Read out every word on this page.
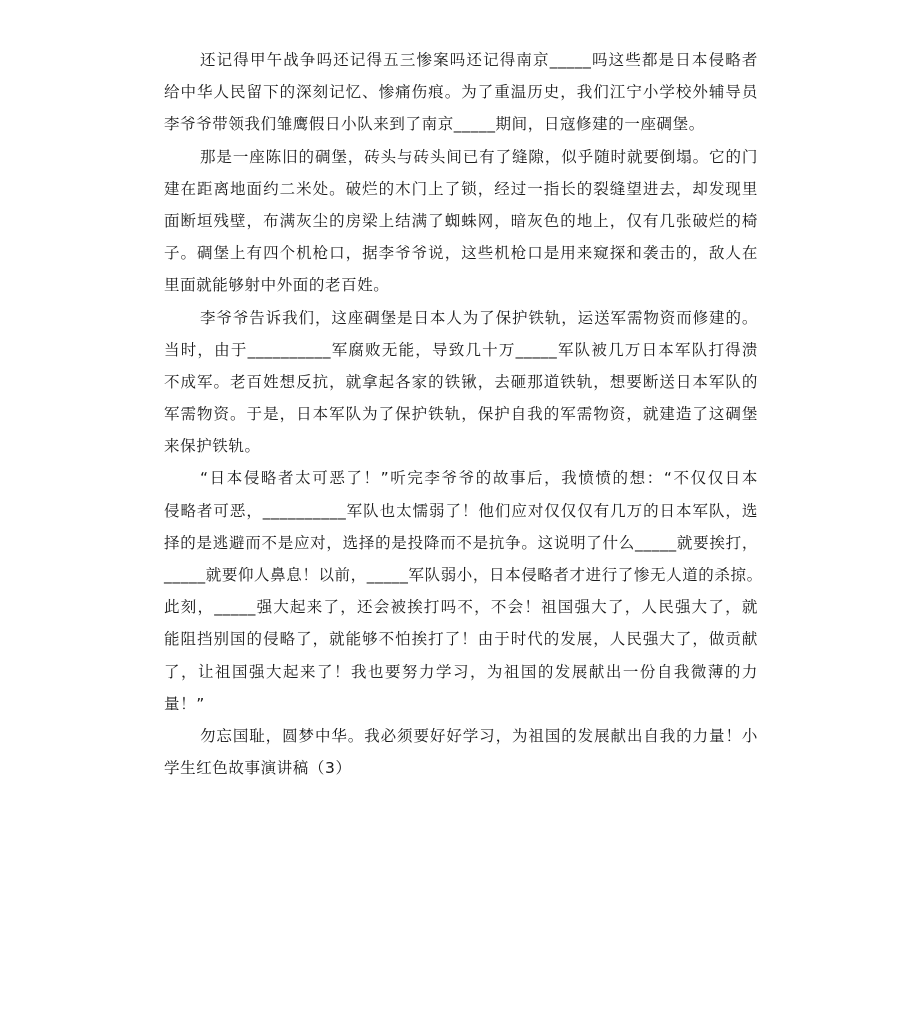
还记得甲午战争吗还记得五三惨案吗还记得南京_____吗这些都是日本侵略者
给中华人民留下的深刻记忆、惨痛伤痕。为了重温历史，我们江宁小学校外辅导员
李爷爷带领我们雏鹰假日小队来到了南京_____期间，日寇修建的一座碉堡。
那是一座陈旧的碉堡，砖头与砖头间已有了缝隙，似乎随时就要倒塌。它的门
建在距离地面约二米处。破烂的木门上了锁，经过一指长的裂缝望进去，却发现里
面断垣残壁，布满灰尘的房梁上结满了蜘蛛网，暗灰色的地上，仅有几张破烂的椅
子。碉堡上有四个机枪口，据李爷爷说，这些机枪口是用来窥探和袭击的，敌人在
里面就能够射中外面的老百姓。
李爷爷告诉我们，这座碉堡是日本人为了保护铁轨，运送军需物资而修建的。
当时，由于__________军腐败无能，导致几十万_____军队被几万日本军队打得溃
不成军。老百姓想反抗，就拿起各家的铁锹，去砸那道铁轨，想要断送日本军队的
军需物资。于是，日本军队为了保护铁轨，保护自我的军需物资，就建造了这碉堡
来保护铁轨。
“日本侵略者太可恶了！”听完李爷爷的故事后，我愤愤的想：“不仅仅日本
侵略者可恶，__________军队也太懦弱了！他们应对仅仅仅有几万的日本军队，选
择的是逃避而不是应对，选择的是投降而不是抗争。这说明了什么_____就要挨打，
_____就要仰人鼻息！以前，_____军队弱小，日本侵略者才进行了惨无人道的杀掠。
此刻，_____强大起来了，还会被挨打吗不，不会！祖国强大了，人民强大了，就
能阻挡别国的侵略了，就能够不怕挨打了！由于时代的发展，人民强大了，做贡献
了，让祖国强大起来了！我也要努力学习，为祖国的发展献出一份自我微薄的力
量！”
勿忘国耻，圆梦中华。我必须要好好学习，为祖国的发展献出自我的力量！小
学生红色故事演讲稿（3）
